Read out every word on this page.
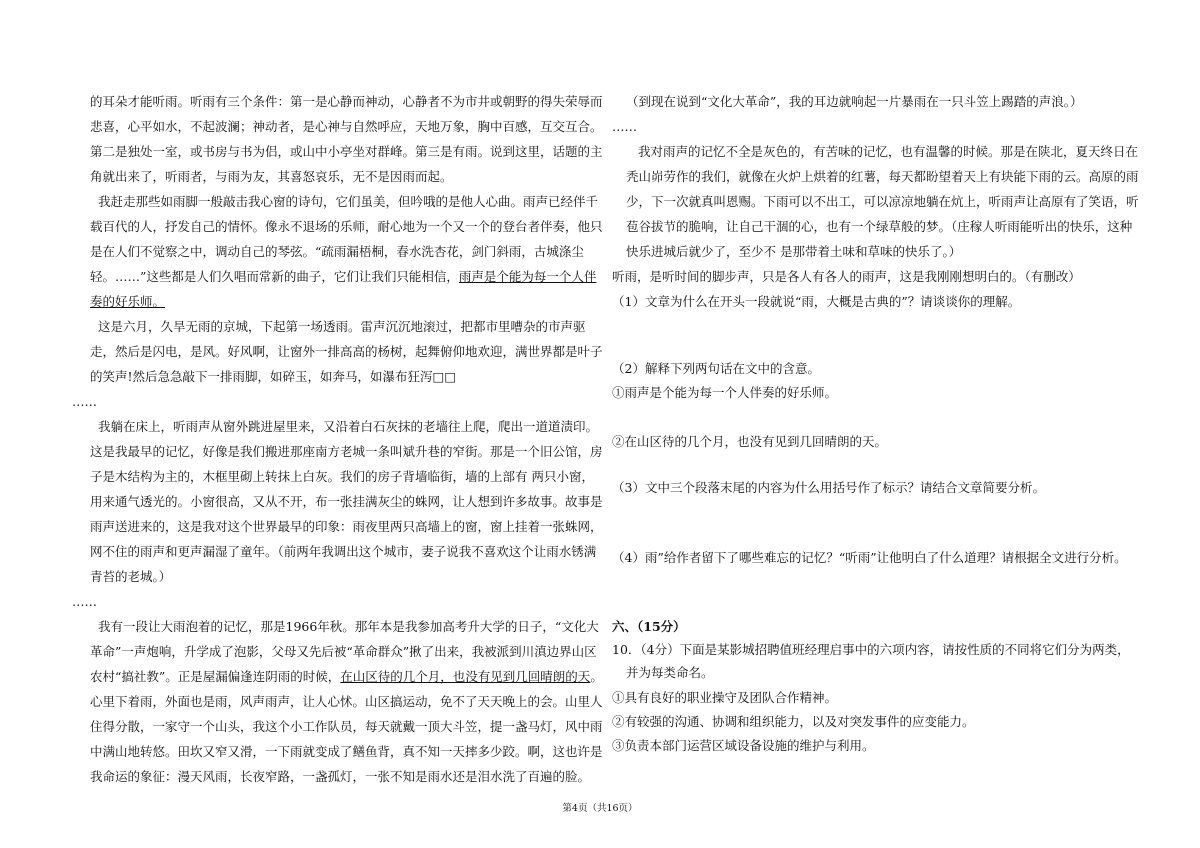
的耳朵才能听雨。听雨有三个条件：第一是心静而神动，心静者不为市井或朝野的得失荣辱而
悲喜，心平如水，不起波澜；神动者，是心神与自然呼应，天地万象，胸中百感，互交互合。
第二是独处一室，或书房与书为侣，或山中小亭坐对群峰。第三是有雨。说到这里，话题的主
角就出来了，听雨者，与雨为友，其喜怒哀乐，无不是因雨而起。
我赶走那些如雨脚一般敲击我心窗的诗句，它们虽美，但吟哦的是他人心曲。雨声已经伴千
载百代的人，抒发自己的情怀。像永不退场的乐师，耐心地为一个又一个的登台者伴奏，他只
是在人们不觉察之中，调动自己的琴弦。“疏雨漏梧桐，春水洗杏花，剑门斜雨，古城涤尘
轻。……”这些都是人们久唱而常新的曲子，它们让我们只能相信，雨声是个能为每一个人伴
奏的好乐师。
这是六月，久旱无雨的京城，下起第一场透雨。雷声沉沉地滚过，把都市里嘈杂的市声驱
走，然后是闪电，是风。好风啊，让窗外一排高高的杨树，起舞俯仰地欢迎，满世界都是叶子
的笑声!然后急急敲下一排雨脚，如碎玉，如奔马，如瀑布狂泻□□
……
我躺在床上，听雨声从窗外跳进屋里来，又沿着白石灰抹的老墙往上爬，爬出一道道渍印。
这是我最早的记忆，好像是我们搬进那座南方老城一条叫斌升巷的窄街。那是一个旧公馆，房
子是木结构为主的，木框里砌上转抹上白灰。我们的房子背墙临街，墙的上部有 两只小窗，
用来通气透光的。小窗很高，又从不开，布一张挂满灰尘的蛛网，让人想到许多故事。故事是
雨声送进来的，这是我对这个世界最早的印象：雨夜里两只高墙上的窗，窗上挂着一张蛛网，
网不住的雨声和更声漏湿了童年。（前两年我调出这个城市，妻子说我不喜欢这个让雨水锈满
青苔的老城。）
……
我有一段让大雨泡着的记忆，那是1966年秋。那年本是我参加高考升大学的日子，“文化大
革命”一声炮响，升学成了泡影，父母又先后被“革命群众”揪了出来，我被派到川滇边界山区
农村“搞社教”。正是屋漏偏逢连阴雨的时候，在山区待的几个月，也没有见到几回晴朗的天。
心里下着雨，外面也是雨，风声雨声，让人心怵。山区搞运动，免不了天天晚上的会。山里人
住得分散，一家守一个山头，我这个小工作队员，每天就戴一顶大斗笠，提一盏马灯，风中雨
中满山地转悠。田坎又窄又滑，一下雨就变成了鳝鱼背，真不知一天摔多少跤。啊，这也许是
我命运的象征：漫天风雨，长夜窄路，一盏孤灯，一张不知是雨水还是泪水洗了百遍的脸。
（到现在说到“文化大革命”，我的耳边就响起一片暴雨在一只斗笠上踢踏的声浪。）
……
我对雨声的记忆不全是灰色的，有苦味的记忆，也有温馨的时候。那是在陕北，夏天终日在
秃山峁劳作的我们，就像在火炉上烘着的红薯，每天都盼望着天上有块能下雨的云。高原的雨
少，下一次就真叫恩赐。下雨可以不出工，可以凉凉地躺在炕上，听雨声让高原有了笑语，听
苞谷拔节的脆响，让自己干涸的心，也有一个绿草般的梦。（庄稼人听雨能听出的快乐，这种
快乐进城后就少了，至少不 是那带着土味和草味的快乐了。）
听雨，是听时间的脚步声，只是各人有各人的雨声，这是我刚刚想明白的。（有删改）
（1）文章为什么在开头一段就说“雨，大概是古典的”？请谈谈你的理解。
（2）解释下列两句话在文中的含意。
①雨声是个能为每一个人伴奏的好乐师。
②在山区待的几个月，也没有见到几回晴朗的天。
（3）文中三个段落末尾的内容为什么用括号作了标示？请结合文章简要分析。
（4）雨”给作者留下了哪些难忘的记忆？“听雨”让他明白了什么道理？请根据全文进行分析。
六、（15分）
10．（4分）下面是某影城招聘值班经理启事中的六项内容，请按性质的不同将它们分为两类，
并为每类命名。
①具有良好的职业操守及团队合作精神。
②有较强的沟通、协调和组织能力，以及对突发事件的应变能力。
③负责本部门运营区域设备设施的维护与利用。
第4页（共16页）
